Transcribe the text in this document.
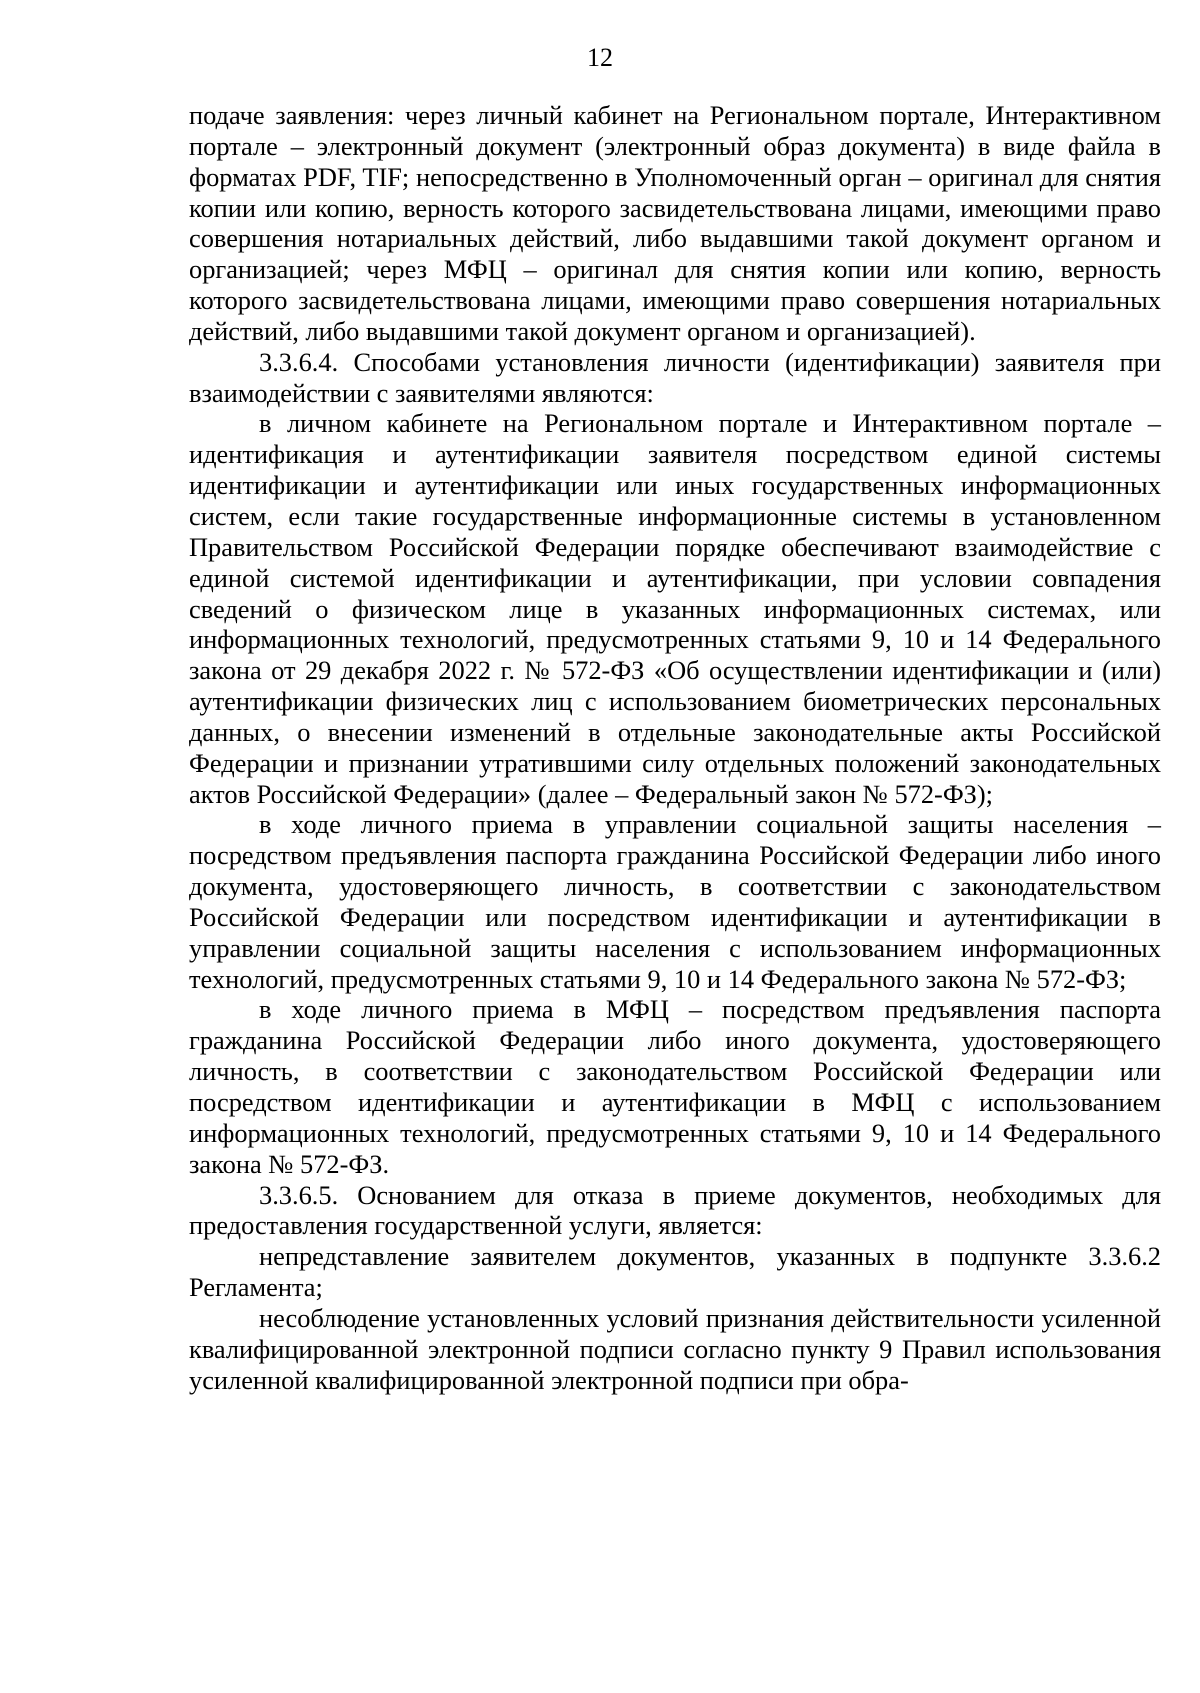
12

подаче заявления: через личный кабинет на Региональном портале, Интерактивном портале – электронный документ (электронный образ документа) в виде файла в форматах PDF, TIF; непосредственно в Уполномоченный орган – оригинал для снятия копии или копию, верность которого засвидетельствована лицами, имеющими право совершения нотариальных действий, либо выдавшими такой документ органом и организацией; через МФЦ – оригинал для снятия копии или копию, верность которого засвидетельствована лицами, имеющими право совершения нотариальных действий, либо выдавшими такой документ органом и организацией).

3.3.6.4. Способами установления личности (идентификации) заявителя при взаимодействии с заявителями являются:

в личном кабинете на Региональном портале и Интерактивном портале – идентификация и аутентификации заявителя посредством единой системы идентификации и аутентификации или иных государственных информационных систем, если такие государственные информационные системы в установленном Правительством Российской Федерации порядке обеспечивают взаимодействие с единой системой идентификации и аутентификации, при условии совпадения сведений о физическом лице в указанных информационных системах, или информационных технологий, предусмотренных статьями 9, 10 и 14 Федерального закона от 29 декабря 2022 г. № 572-ФЗ «Об осуществлении идентификации и (или) аутентификации физических лиц с использованием биометрических персональных данных, о внесении изменений в отдельные законодательные акты Российской Федерации и признании утратившими силу отдельных положений законодательных актов Российской Федерации» (далее – Федеральный закон № 572-ФЗ);

в ходе личного приема в управлении социальной защиты населения – посредством предъявления паспорта гражданина Российской Федерации либо иного документа, удостоверяющего личность, в соответствии с законодательством Российской Федерации или посредством идентификации и аутентификации в управлении социальной защиты населения с использованием информационных технологий, предусмотренных статьями 9, 10 и 14 Федерального закона № 572-ФЗ;

в ходе личного приема в МФЦ – посредством предъявления паспорта гражданина Российской Федерации либо иного документа, удостоверяющего личность, в соответствии с законодательством Российской Федерации или посредством идентификации и аутентификации в МФЦ с использованием информационных технологий, предусмотренных статьями 9, 10 и 14 Федерального закона № 572-ФЗ.

3.3.6.5. Основанием для отказа в приеме документов, необходимых для предоставления государственной услуги, является:

непредставление заявителем документов, указанных в подпункте 3.3.6.2 Регламента;

несоблюдение установленных условий признания действительности усиленной квалифицированной электронной подписи согласно пункту 9 Правил использования усиленной квалифицированной электронной подписи при обра-
